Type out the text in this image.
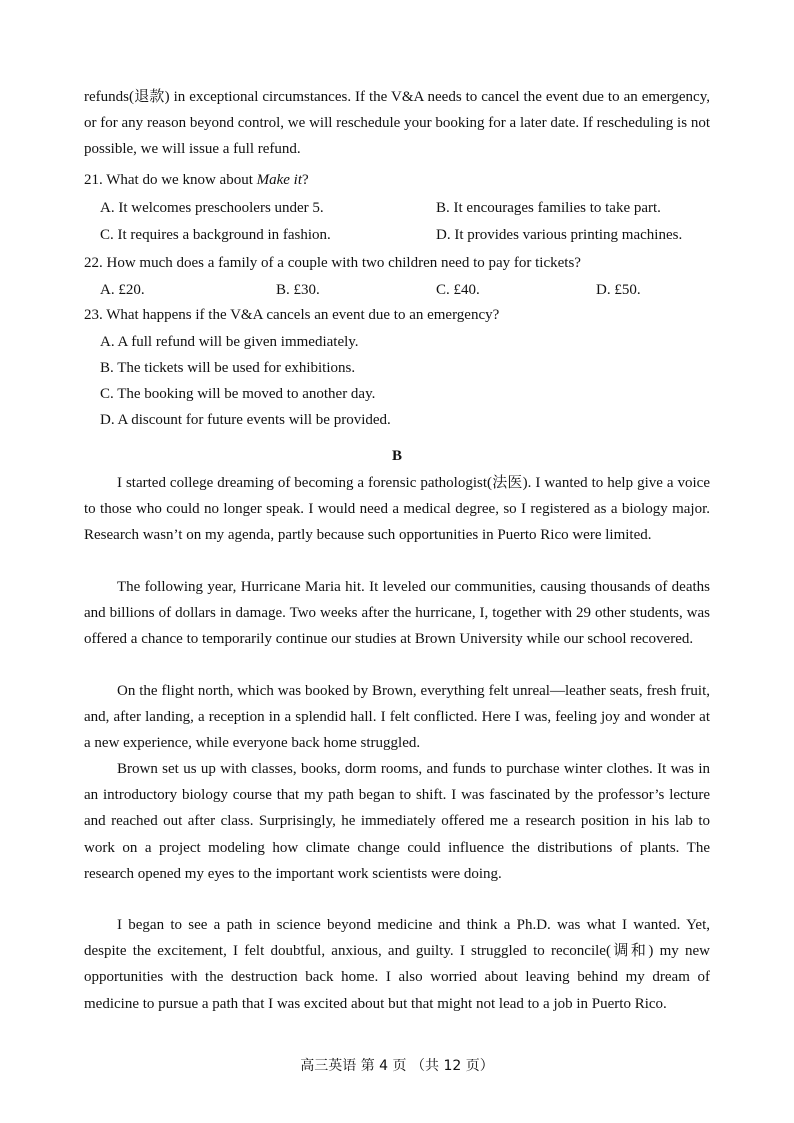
refunds(退款) in exceptional circumstances. If the V&A needs to cancel the event due to an emergency, or for any reason beyond control, we will reschedule your booking for a later date. If rescheduling is not possible, we will issue a full refund.

21. What do we know about Make it?
A. It welcomes preschoolers under 5.	B. It encourages families to take part.
C. It requires a background in fashion.	D. It provides various printing machines.
22. How much does a family of a couple with two children need to pay for tickets?
A. £20.	B. £30.	C. £40.	D. £50.
23. What happens if the V&A cancels an event due to an emergency?
A. A full refund will be given immediately.
B. The tickets will be used for exhibitions.
C. The booking will be moved to another day.
D. A discount for future events will be provided.
B

I started college dreaming of becoming a forensic pathologist(法医). I wanted to help give a voice to those who could no longer speak. I would need a medical degree, so I registered as a biology major. Research wasn’t on my agenda, partly because such opportunities in Puerto Rico were limited.

The following year, Hurricane Maria hit. It leveled our communities, causing thousands of deaths and billions of dollars in damage. Two weeks after the hurricane, I, together with 29 other students, was offered a chance to temporarily continue our studies at Brown University while our school recovered.

On the flight north, which was booked by Brown, everything felt unreal—leather seats, fresh fruit, and, after landing, a reception in a splendid hall. I felt conflicted. Here I was, feeling joy and wonder at a new experience, while everyone back home struggled.

Brown set us up with classes, books, dorm rooms, and funds to purchase winter clothes. It was in an introductory biology course that my path began to shift. I was fascinated by the professor’s lecture and reached out after class. Surprisingly, he immediately offered me a research position in his lab to work on a project modeling how climate change could influence the distributions of plants. The research opened my eyes to the important work scientists were doing.

I began to see a path in science beyond medicine and think a Ph.D. was what I wanted. Yet, despite the excitement, I felt doubtful, anxious, and guilty. I struggled to reconcile(调和) my new opportunities with the destruction back home. I also worried about leaving behind my dream of medicine to pursue a path that I was excited about but that might not lead to a job in Puerto Rico.

高三英语 第 4 页 （共 12 页）
